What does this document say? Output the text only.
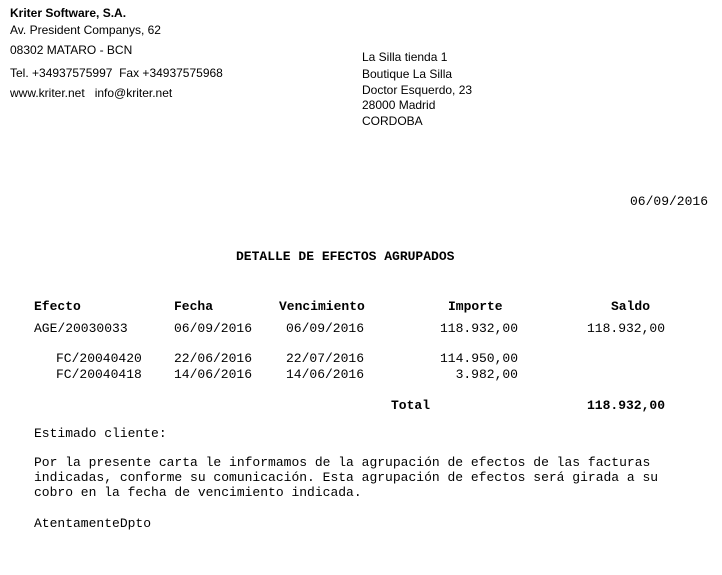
Kriter Software, S.A.
Av. President Companys, 62
08302 MATARO - BCN
Tel. +34937575997  Fax +34937575968
www.kriter.net   info@kriter.net
La Silla tienda 1
Boutique La Silla
Doctor Esquerdo, 23
28000 Madrid
CORDOBA
06/09/2016
DETALLE DE EFECTOS AGRUPADOS
Efecto	Fecha	Vencimiento	Importe	Saldo
AGE/20030033	06/09/2016	06/09/2016	118.932,00	118.932,00
FC/20040420 22/06/2016	22/07/2016	114.950,00
FC/20040418 14/06/2016	14/06/2016	3.982,00
Total	118.932,00
Estimado cliente:
Por la presente carta le informamos de la agrupación de efectos de las facturas
indicadas, conforme su comunicación. Esta agrupación de efectos será girada a su
cobro en la fecha de vencimiento indicada.
AtentamenteDpto
